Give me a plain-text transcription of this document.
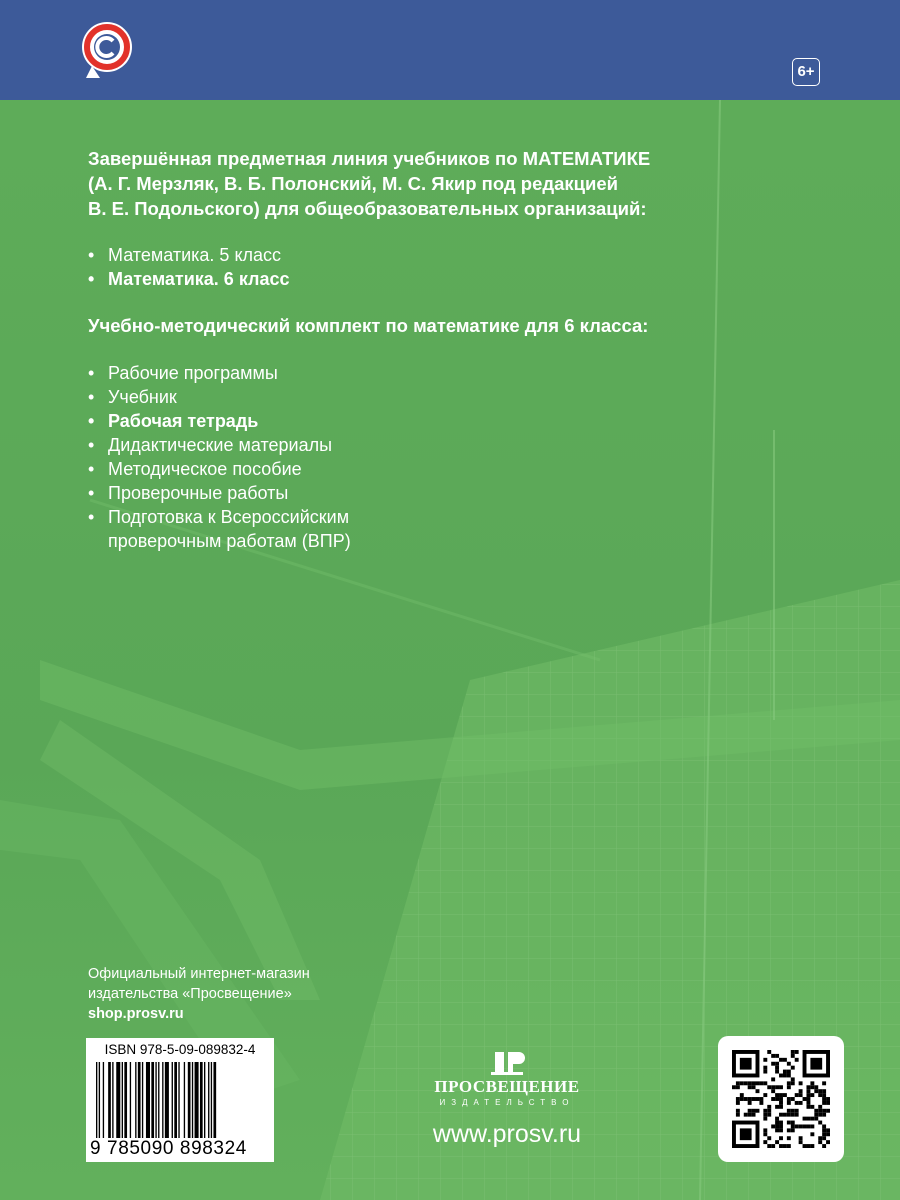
6+
Завершённая предметная линия учебников по МАТЕМАТИКЕ
(А. Г. Мерзляк, В. Б. Полонский, М. С. Якир под редакцией
В. Е. Подольского) для общеобразовательных организаций:
• Математика. 5 класс
• Математика. 6 класс
Учебно-методический комплект по математике для 6 класса:
• Рабочие программы
• Учебник
• Рабочая тетрадь
• Дидактические материалы
• Методическое пособие
• Проверочные работы
• Подготовка к Всероссийским
проверочным работам (ВПР)
Официальный интернет-магазин
издательства «Просвещение»
shop.prosv.ru
ISBN 978-5-09-089832-4
9 785090 898324
ПРОСВЕЩЕНИЕ
ИЗДАТЕЛЬСТВО
www.prosv.ru
